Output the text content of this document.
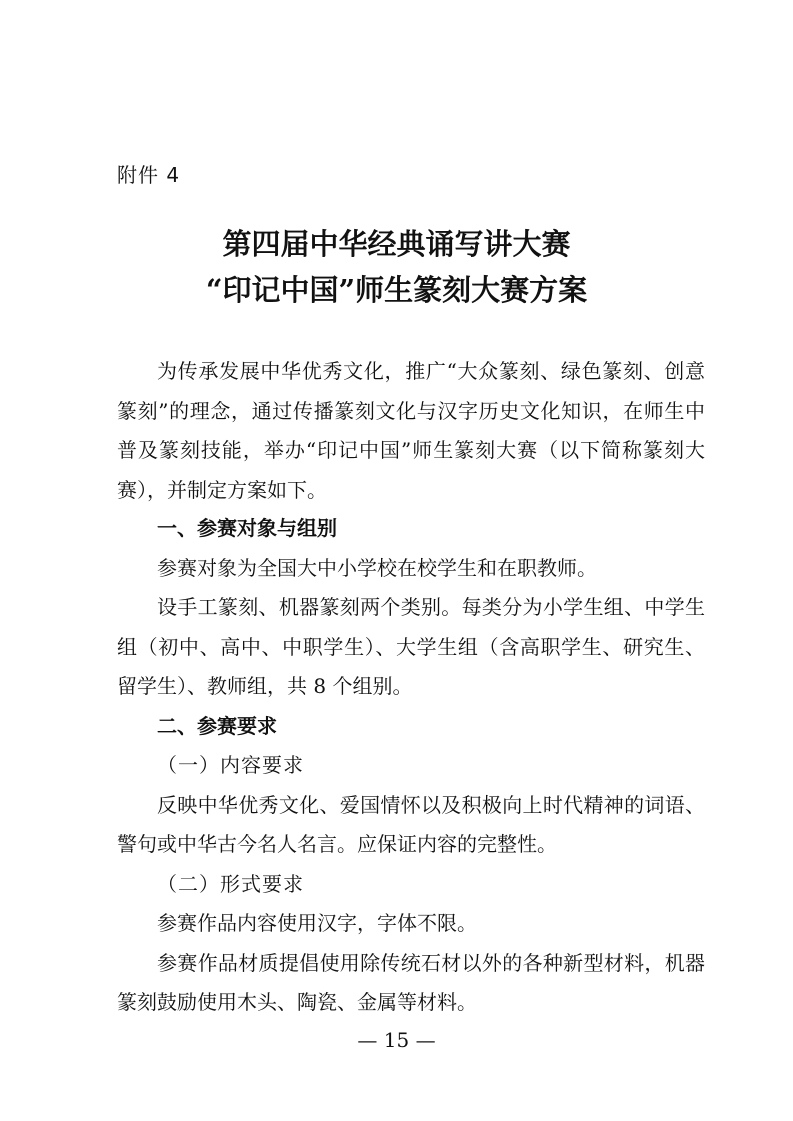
附件 4
第四届中华经典诵写讲大赛
“印记中国”师生篆刻大赛方案
为传承发展中华优秀文化，推广“大众篆刻、绿色篆刻、创意篆刻”的理念，通过传播篆刻文化与汉字历史文化知识，在师生中普及篆刻技能，举办“印记中国”师生篆刻大赛（以下简称篆刻大赛），并制定方案如下。

一、参赛对象与组别

参赛对象为全国大中小学校在校学生和在职教师。

设手工篆刻、机器篆刻两个类别。每类分为小学生组、中学生组（初中、高中、中职学生）、大学生组（含高职学生、研究生、留学生）、教师组，共 8 个组别。

二、参赛要求

（一）内容要求

反映中华优秀文化、爱国情怀以及积极向上时代精神的词语、警句或中华古今名人名言。应保证内容的完整性。

（二）形式要求

参赛作品内容使用汉字，字体不限。

参赛作品材质提倡使用除传统石材以外的各种新型材料，机器篆刻鼓励使用木头、陶瓷、金属等材料。

— 15 —
